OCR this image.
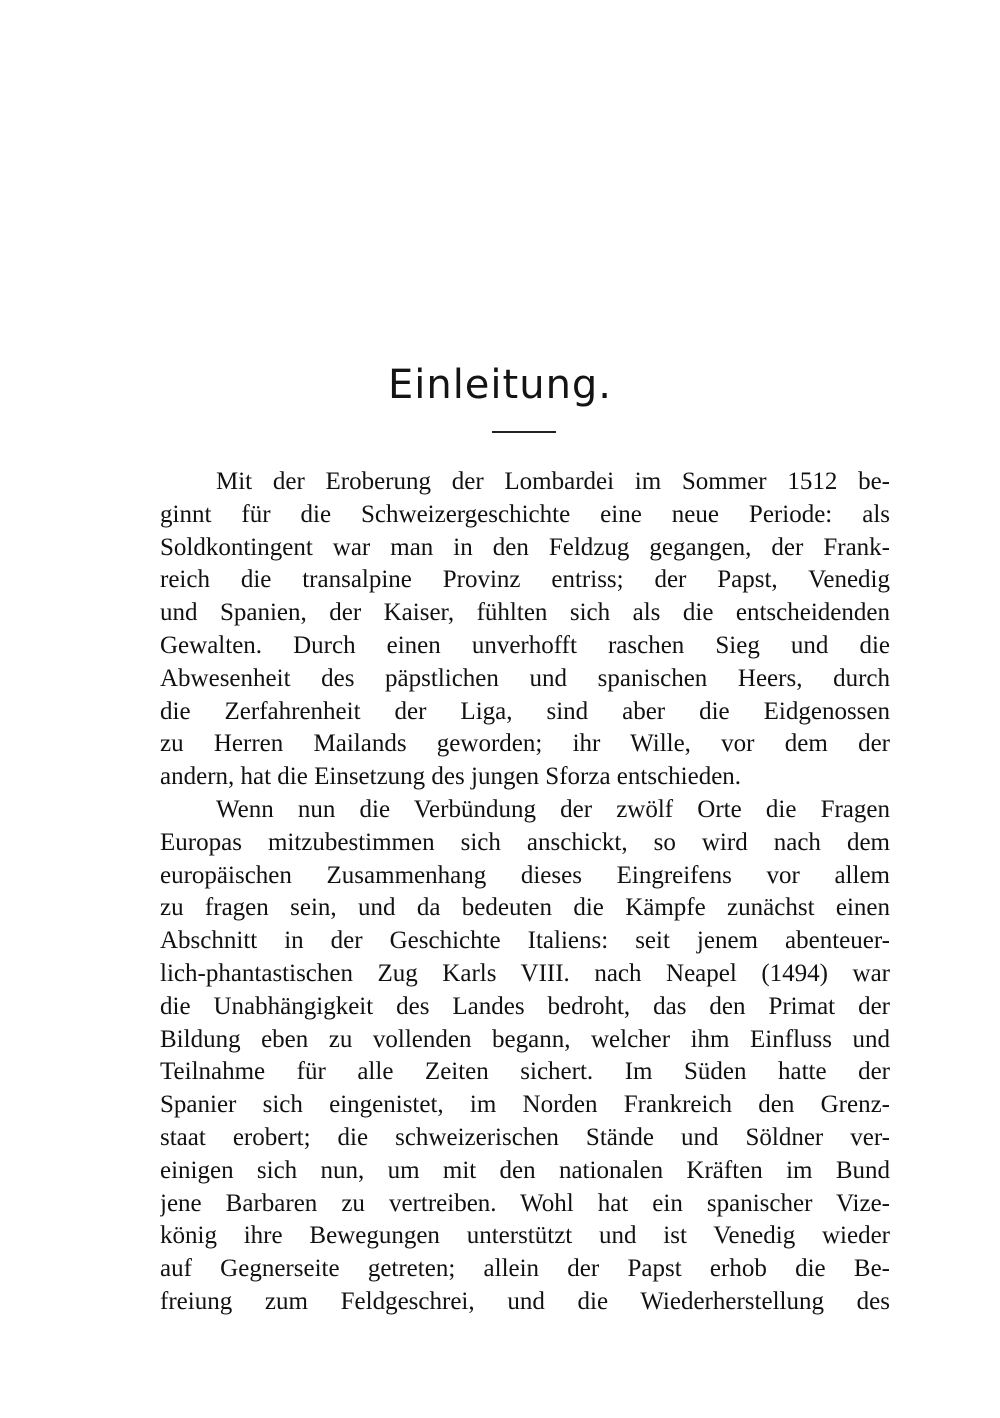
Einleitung.
Mit der Eroberung der Lombardei im Sommer 1512 be-
ginnt für die Schweizergeschichte eine neue Periode: als
Soldkontingent war man in den Feldzug gegangen, der Frank-
reich die transalpine Provinz entriss; der Papst, Venedig
und Spanien, der Kaiser, fühlten sich als die entscheidenden
Gewalten. Durch einen unverhofft raschen Sieg und die
Abwesenheit des päpstlichen und spanischen Heers, durch
die Zerfahrenheit der Liga, sind aber die Eidgenossen
zu Herren Mailands geworden; ihr Wille, vor dem der
andern, hat die Einsetzung des jungen Sforza entschieden.
Wenn nun die Verbündung der zwölf Orte die Fragen
Europas mitzubestimmen sich anschickt, so wird nach dem
europäischen Zusammenhang dieses Eingreifens vor allem
zu fragen sein, und da bedeuten die Kämpfe zunächst einen
Abschnitt in der Geschichte Italiens: seit jenem abenteuer-
lich-phantastischen Zug Karls VIII. nach Neapel (1494) war
die Unabhängigkeit des Landes bedroht, das den Primat der
Bildung eben zu vollenden begann, welcher ihm Einfluss und
Teilnahme für alle Zeiten sichert. Im Süden hatte der
Spanier sich eingenistet, im Norden Frankreich den Grenz-
staat erobert; die schweizerischen Stände und Söldner ver-
einigen sich nun, um mit den nationalen Kräften im Bund
jene Barbaren zu vertreiben. Wohl hat ein spanischer Vize-
könig ihre Bewegungen unterstützt und ist Venedig wieder
auf Gegnerseite getreten; allein der Papst erhob die Be-
freiung zum Feldgeschrei, und die Wiederherstellung des
